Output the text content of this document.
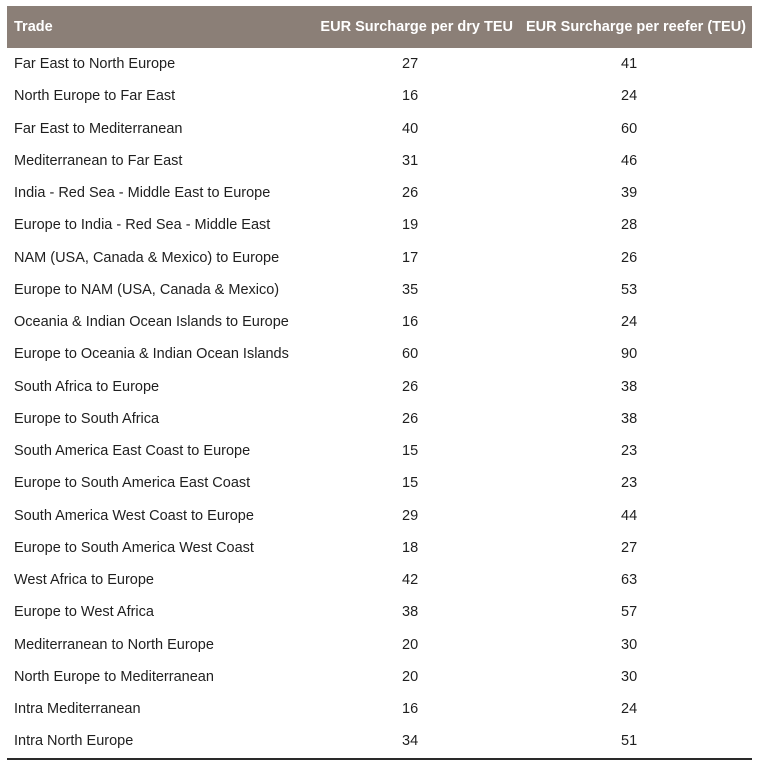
Trade	EUR Surcharge per dry TEU	EUR Surcharge per reefer (TEU)
Far East to North Europe	27	41
North Europe to Far East	16	24
Far East to Mediterranean	40	60
Mediterranean to Far East	31	46
India - Red Sea - Middle East to Europe	26	39
Europe to India - Red Sea - Middle East	19	28
NAM (USA, Canada & Mexico) to Europe	17	26
Europe to NAM (USA, Canada & Mexico)	35	53
Oceania & Indian Ocean Islands to Europe	16	24
Europe to Oceania & Indian Ocean Islands	60	90
South Africa to Europe	26	38
Europe to South Africa	26	38
South America East Coast to Europe	15	23
Europe to South America East Coast	15	23
South America West Coast to Europe	29	44
Europe to South America West Coast	18	27
West Africa to Europe	42	63
Europe to West Africa	38	57
Mediterranean to North Europe	20	30
North Europe to Mediterranean	20	30
Intra Mediterranean	16	24
Intra North Europe	34	51
